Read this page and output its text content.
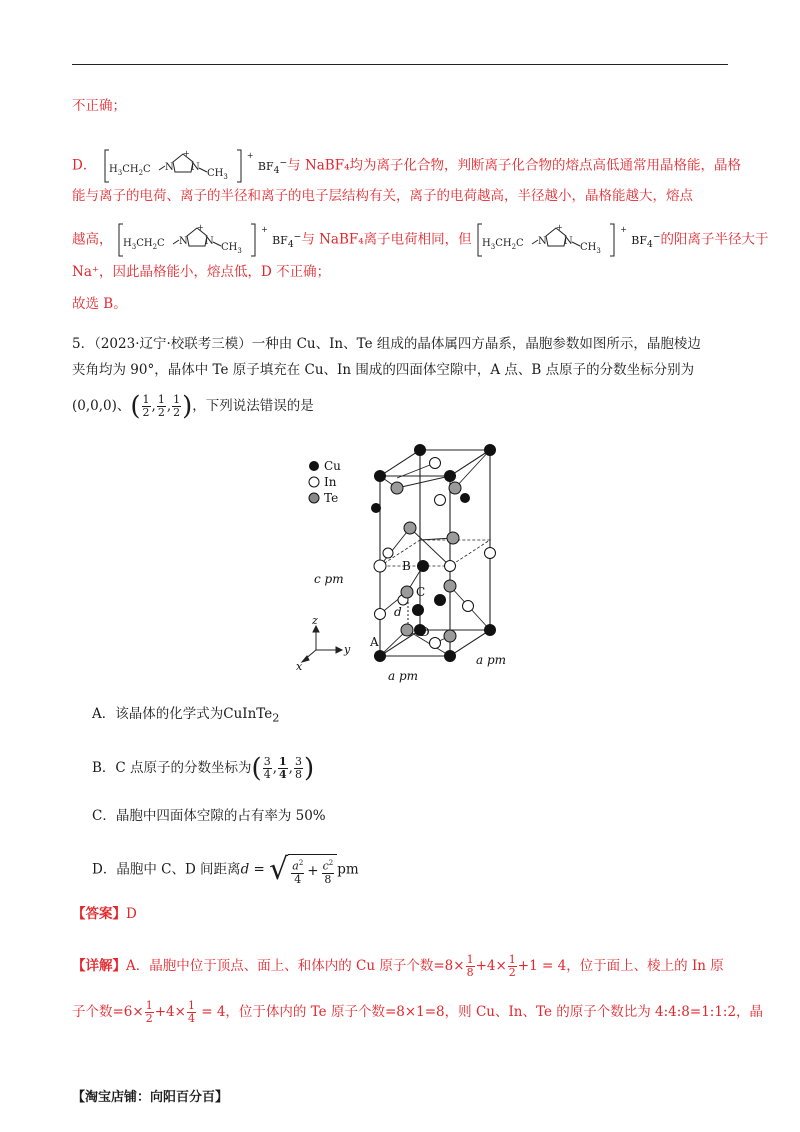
不正确；
D． $H_3CH_2C$ N N
+
$CH_3$
+ $BF_4^-$与 NaBF₄均为离子化合物，判断离子化合物的熔点高低通常用晶格能，晶格
能与离子的电荷、离子的半径和离子的电子层结构有关，离子的电荷越高，半径越小，晶格能越大，熔点
越高， $H_3CH_2C$ N N
+
$CH_3$
+ $BF_4^-$与 NaBF₄离子电荷相同，但 $H_3CH_2C$ N N
+
$CH_3$
+ $BF_4^-$的阳离子半径大于
Na⁺，因此晶格能小，熔点低，D 不正确；
故选 B。
5．（2023·辽宁·校联考三模）一种由 Cu、In、Te 组成的晶体属四方晶系，晶胞参数如图所示，晶胞棱边
夹角均为 90°，晶体中 Te 原子填充在 Cu、In 围成的四面体空隙中，A 点、B 点原子的分数坐标分别为
(0,0,0)、( $\frac{1}{2}$ , $\frac{1}{2}$ , $\frac{1}{2}$ )，下列说法错误的是
Cu
In
Te
c pm
a pm
a pm
A
B
C
D
d
z
y
x
A．该晶体的化学式为CuInTe$_2$
B．C 点原子的分数坐标为( $\frac{3}{4}$ , $\frac{1}{4}$ , $\frac{3}{8}$ )
C．晶胞中四面体空隙的占有率为 50%
D．晶胞中 C、D 间距离d = √ $\frac{a^2}{4} + \frac{c^2}{8}$ pm
【答案】D
【详解】A．晶胞中位于顶点、面上、和体内的 Cu 原子个数$=8\times \frac{1}{8} +4\times \frac{1}{2} +1 = 4$，位于面上、棱上的 In 原
子个数$=6\times \frac{1}{2} +4\times \frac{1}{4} = 4$，位于体内的 Te 原子个数=8×1=8，则 Cu、In、Te 的原子个数比为 4:4:8=1:1:2，晶
【淘宝店铺：向阳百分百】
